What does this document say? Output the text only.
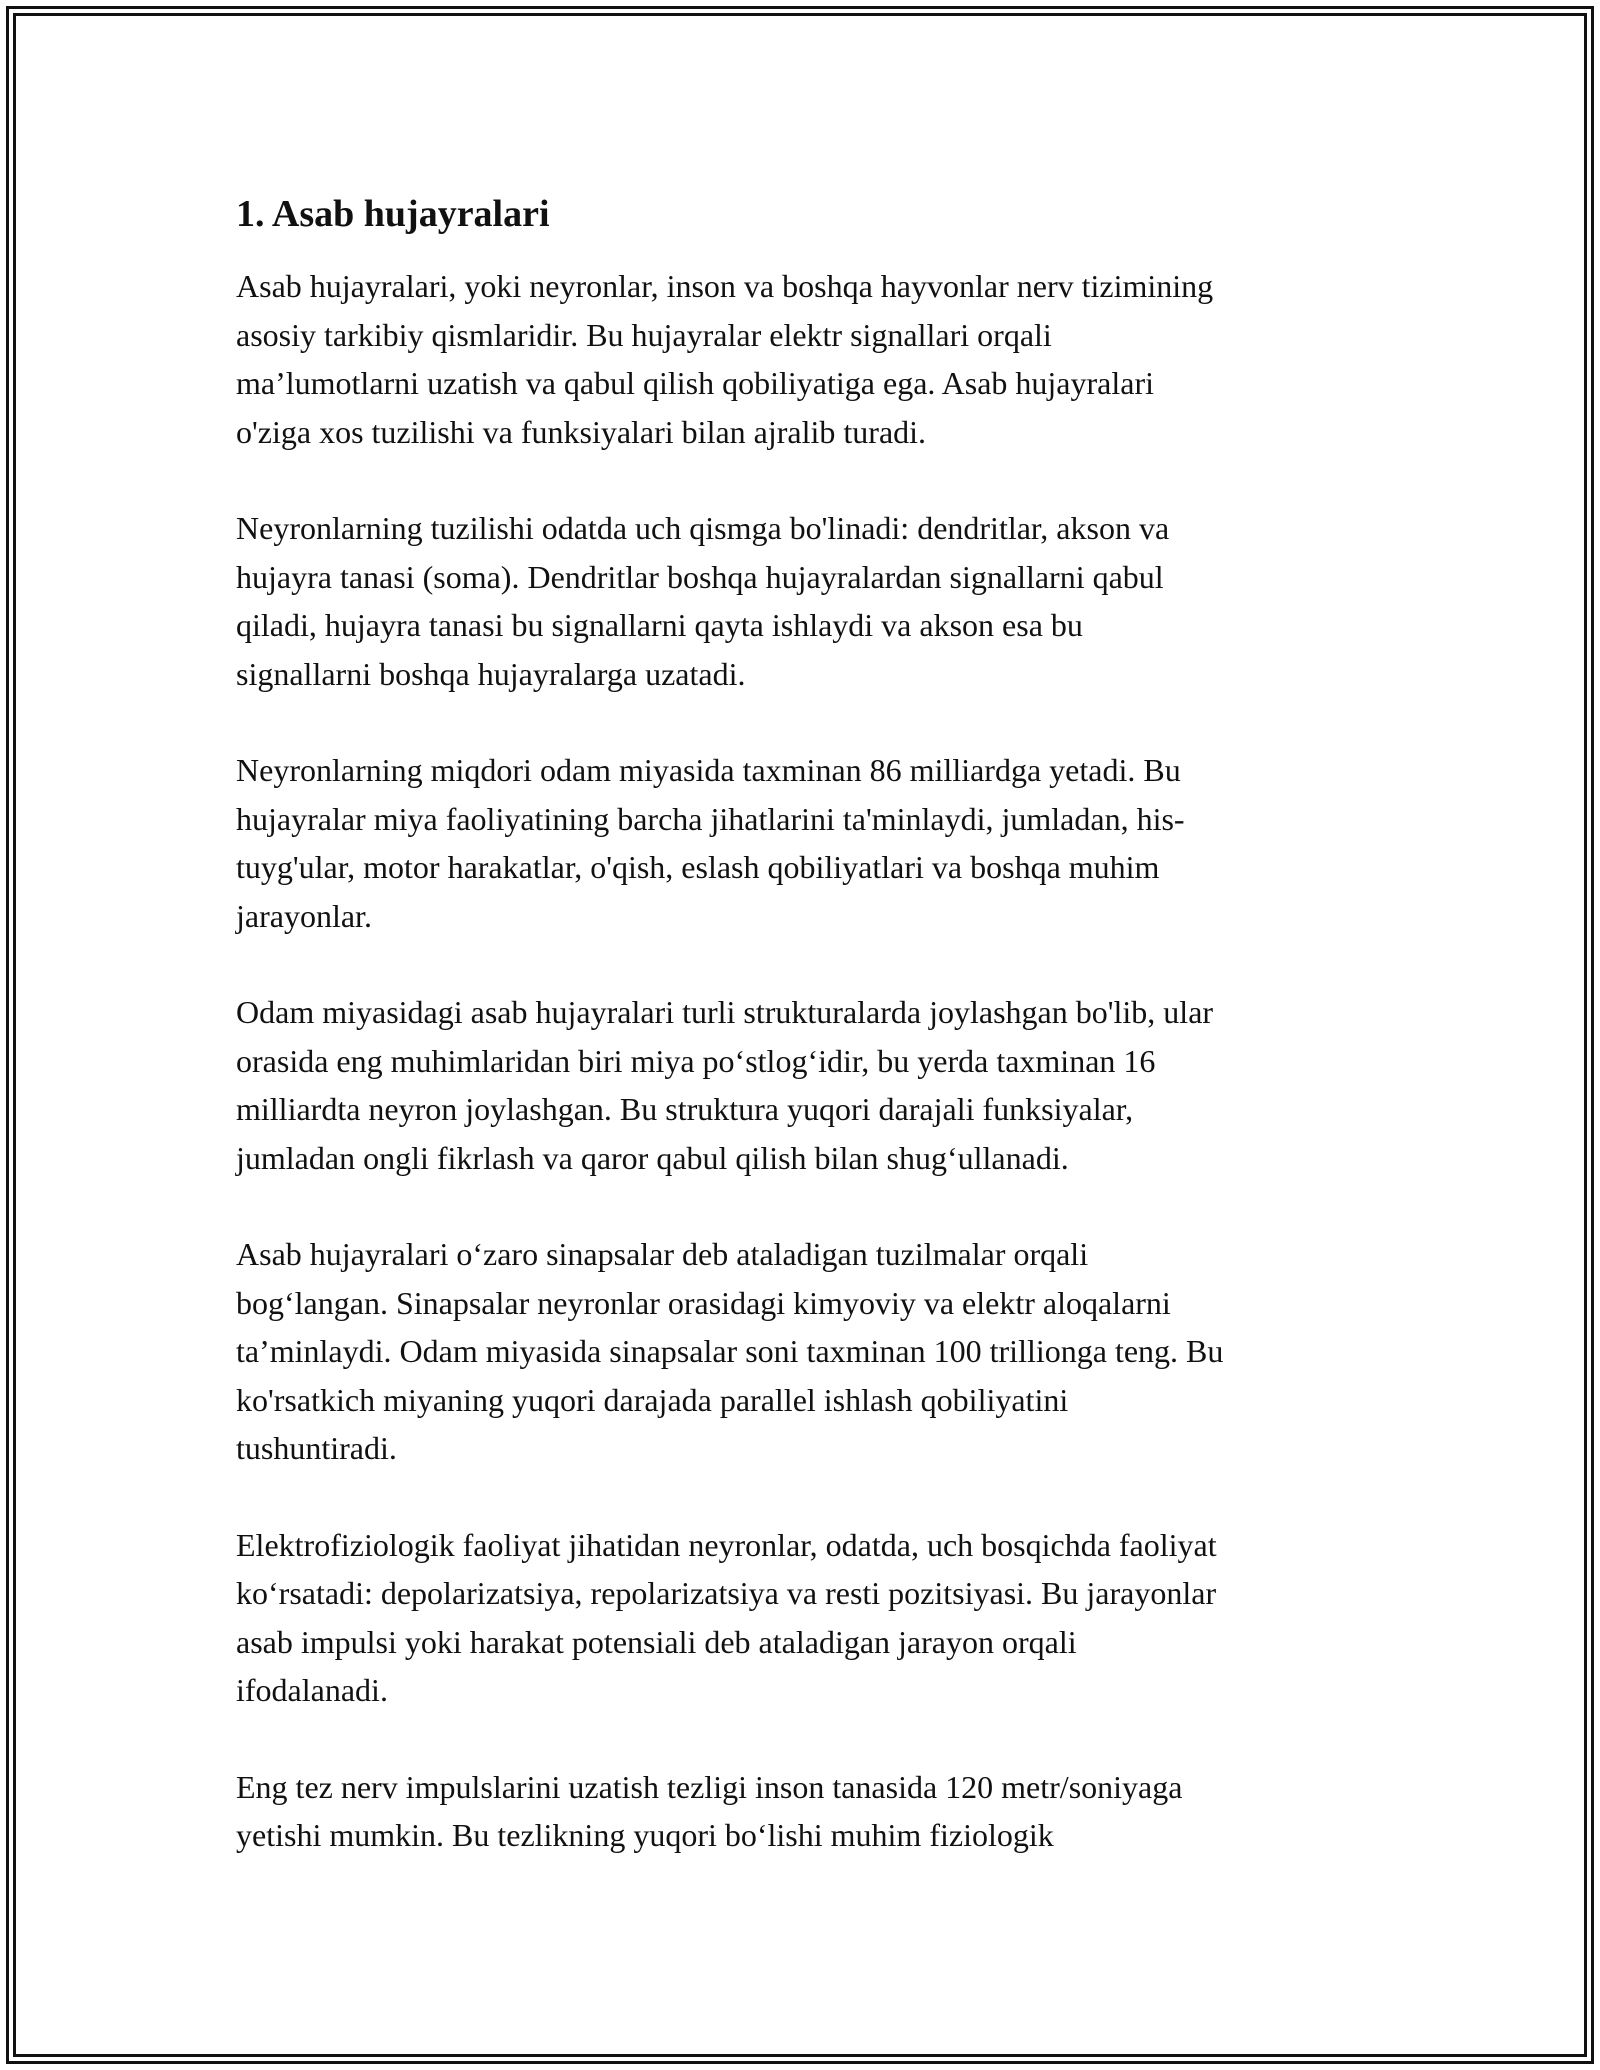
1. Asab hujayralari

Asab hujayralari, yoki neyronlar, inson va boshqa hayvonlar nerv tizimining
asosiy tarkibiy qismlaridir. Bu hujayralar elektr signallari orqali
ma’lumotlarni uzatish va qabul qilish qobiliyatiga ega. Asab hujayralari
o'ziga xos tuzilishi va funksiyalari bilan ajralib turadi.

Neyronlarning tuzilishi odatda uch qismga bo'linadi: dendritlar, akson va
hujayra tanasi (soma). Dendritlar boshqa hujayralardan signallarni qabul
qiladi, hujayra tanasi bu signallarni qayta ishlaydi va akson esa bu
signallarni boshqa hujayralarga uzatadi.

Neyronlarning miqdori odam miyasida taxminan 86 milliardga yetadi. Bu
hujayralar miya faoliyatining barcha jihatlarini ta'minlaydi, jumladan, his-
tuyg'ular, motor harakatlar, o'qish, eslash qobiliyatlari va boshqa muhim
jarayonlar.

Odam miyasidagi asab hujayralari turli strukturalarda joylashgan bo'lib, ular
orasida eng muhimlaridan biri miya po‘stlog‘idir, bu yerda taxminan 16
milliardta neyron joylashgan. Bu struktura yuqori darajali funksiyalar,
jumladan ongli fikrlash va qaror qabul qilish bilan shug‘ullanadi.

Asab hujayralari o‘zaro sinapsalar deb ataladigan tuzilmalar orqali
bog‘langan. Sinapsalar neyronlar orasidagi kimyoviy va elektr aloqalarni
ta’minlaydi. Odam miyasida sinapsalar soni taxminan 100 trillionga teng. Bu
ko'rsatkich miyaning yuqori darajada parallel ishlash qobiliyatini
tushuntiradi.

Elektrofiziologik faoliyat jihatidan neyronlar, odatda, uch bosqichda faoliyat
ko‘rsatadi: depolarizatsiya, repolarizatsiya va resti pozitsiyasi. Bu jarayonlar
asab impulsi yoki harakat potensiali deb ataladigan jarayon orqali
ifodalanadi.

Eng tez nerv impulslarini uzatish tezligi inson tanasida 120 metr/soniyaga
yetishi mumkin. Bu tezlikning yuqori bo‘lishi muhim fiziologik
